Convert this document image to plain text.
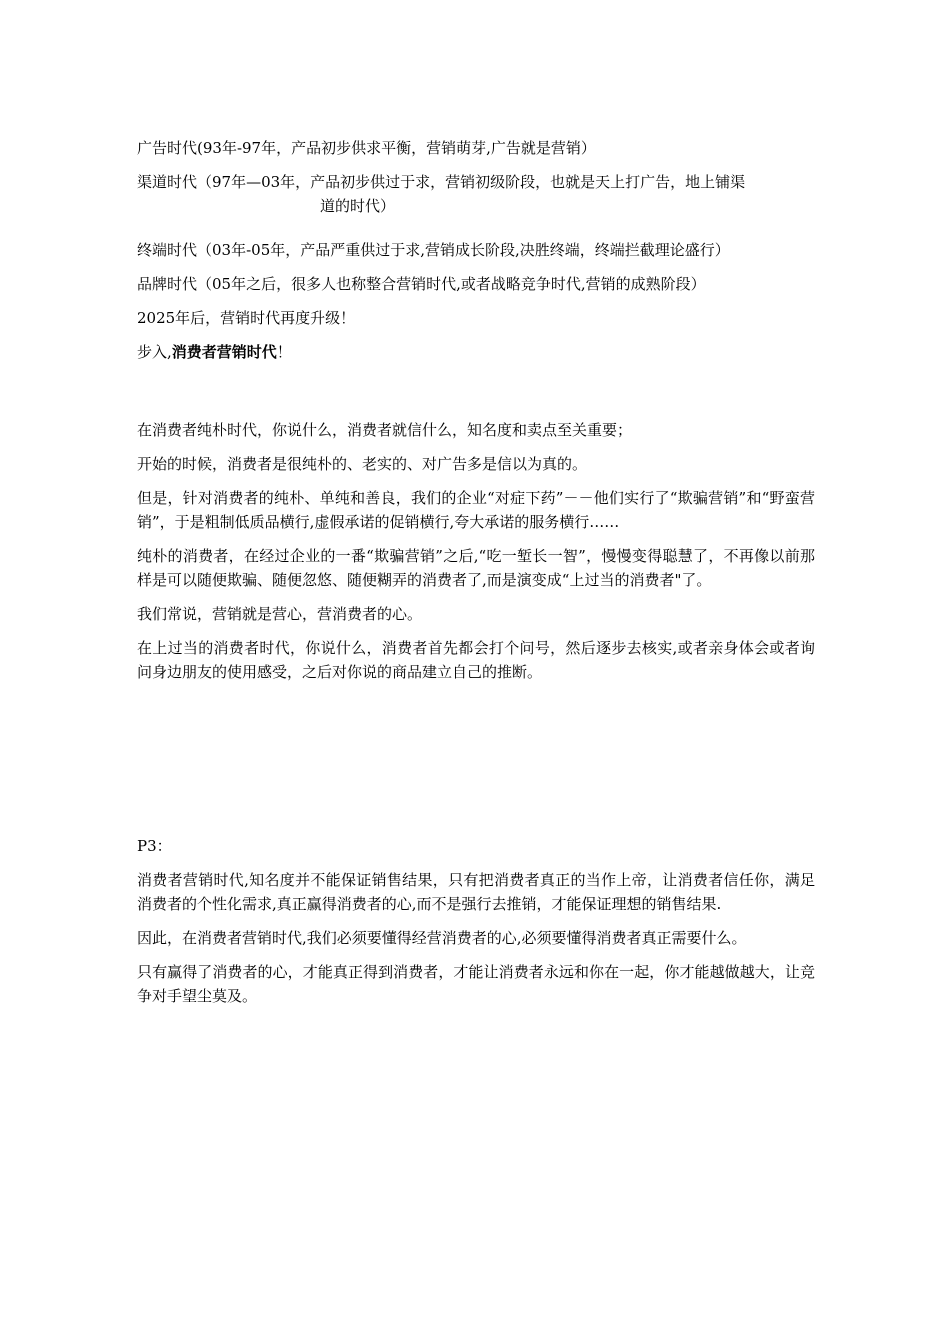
广告时代(93年-97年，产品初步供求平衡，营销萌芽,广告就是营销）

渠道时代（97年—03年，产品初步供过于求，营销初级阶段，也就是天上打广告，地上铺渠

道的时代）

终端时代（03年-05年，产品严重供过于求,营销成长阶段,决胜终端，终端拦截理论盛行）

品牌时代（05年之后，很多人也称整合营销时代,或者战略竞争时代,营销的成熟阶段）

2025年后，营销时代再度升级！

步入,消费者营销时代！

在消费者纯朴时代，你说什么，消费者就信什么，知名度和卖点至关重要；

开始的时候，消费者是很纯朴的、老实的、对广告多是信以为真的。

但是，针对消费者的纯朴、单纯和善良，我们的企业“对症下药”－－他们实行了“欺骗营销”和“野蛮营销”，于是粗制低质品横行,虚假承诺的促销横行,夸大承诺的服务横行……

纯朴的消费者，在经过企业的一番“欺骗营销”之后,“吃一堑长一智”，慢慢变得聪慧了，不再像以前那样是可以随便欺骗、随便忽悠、随便糊弄的消费者了,而是演变成“上过当的消费者"了。

我们常说，营销就是营心，营消费者的心。

在上过当的消费者时代，你说什么，消费者首先都会打个问号，然后逐步去核实,或者亲身体会或者询问身边朋友的使用感受，之后对你说的商品建立自己的推断。

P3：

消费者营销时代,知名度并不能保证销售结果，只有把消费者真正的当作上帝，让消费者信任你，满足消费者的个性化需求,真正赢得消费者的心,而不是强行去推销，才能保证理想的销售结果.

因此，在消费者营销时代,我们必须要懂得经营消费者的心,必须要懂得消费者真正需要什么。

只有赢得了消费者的心，才能真正得到消费者，才能让消费者永远和你在一起，你才能越做越大，让竞争对手望尘莫及。
